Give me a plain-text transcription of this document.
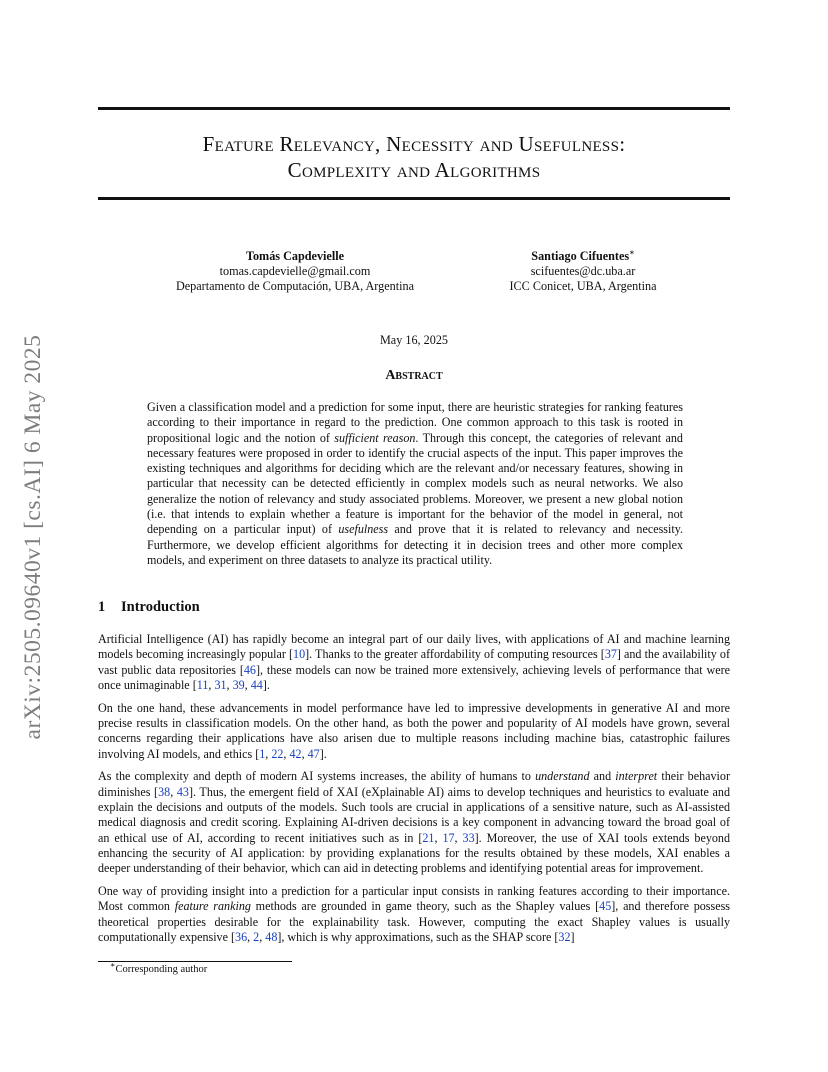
arXiv:2505.09640v1 [cs.AI] 6 May 2025
Feature Relevancy, Necessity and Usefulness:
Complexity and Algorithms
Tomás Capdevielle
tomas.capdevielle@gmail.com
Departamento de Computación, UBA, Argentina
Santiago Cifuentes∗
scifuentes@dc.uba.ar
ICC Conicet, UBA, Argentina
May 16, 2025
Abstract
Given a classification model and a prediction for some input, there are heuristic strategies for ranking features according to their importance in regard to the prediction. One common approach to this task is rooted in propositional logic and the notion of sufficient reason. Through this concept, the categories of relevant and necessary features were proposed in order to identify the crucial aspects of the input. This paper improves the existing techniques and algorithms for deciding which are the relevant and/or necessary features, showing in particular that necessity can be detected efficiently in complex models such as neural networks. We also generalize the notion of relevancy and study associated problems. Moreover, we present a new global notion (i.e. that intends to explain whether a feature is important for the behavior of the model in general, not depending on a particular input) of usefulness and prove that it is related to relevancy and necessity. Furthermore, we develop efficient algorithms for detecting it in decision trees and other more complex models, and experiment on three datasets to analyze its practical utility.
1 Introduction

Artificial Intelligence (AI) has rapidly become an integral part of our daily lives, with applications of AI and machine learning models becoming increasingly popular [10]. Thanks to the greater affordability of computing resources [37] and the availability of vast public data repositories [46], these models can now be trained more extensively, achieving levels of performance that were once unimaginable [11, 31, 39, 44].

On the one hand, these advancements in model performance have led to impressive developments in generative AI and more precise results in classification models. On the other hand, as both the power and popularity of AI models have grown, several concerns regarding their applications have also arisen due to multiple reasons including machine bias, catastrophic failures involving AI models, and ethics [1, 22, 42, 47].

As the complexity and depth of modern AI systems increases, the ability of humans to understand and interpret their behavior diminishes [38, 43]. Thus, the emergent field of XAI (eXplainable AI) aims to develop techniques and heuristics to evaluate and explain the decisions and outputs of the models. Such tools are crucial in applications of a sensitive nature, such as AI-assisted medical diagnosis and credit scoring. Explaining AI-driven decisions is a key component in advancing toward the broad goal of an ethical use of AI, according to recent initiatives such as in [21, 17, 33]. Moreover, the use of XAI tools extends beyond enhancing the security of AI application: by providing explanations for the results obtained by these models, XAI enables a deeper understanding of their behavior, which can aid in detecting problems and identifying potential areas for improvement.

One way of providing insight into a prediction for a particular input consists in ranking features according to their importance. Most common feature ranking methods are grounded in game theory, such as the Shapley values [45], and therefore possess theoretical properties desirable for the explainability task. However, computing the exact Shapley values is usually computationally expensive [36, 2, 48], which is why approximations, such as the SHAP score [32]

∗Corresponding author
